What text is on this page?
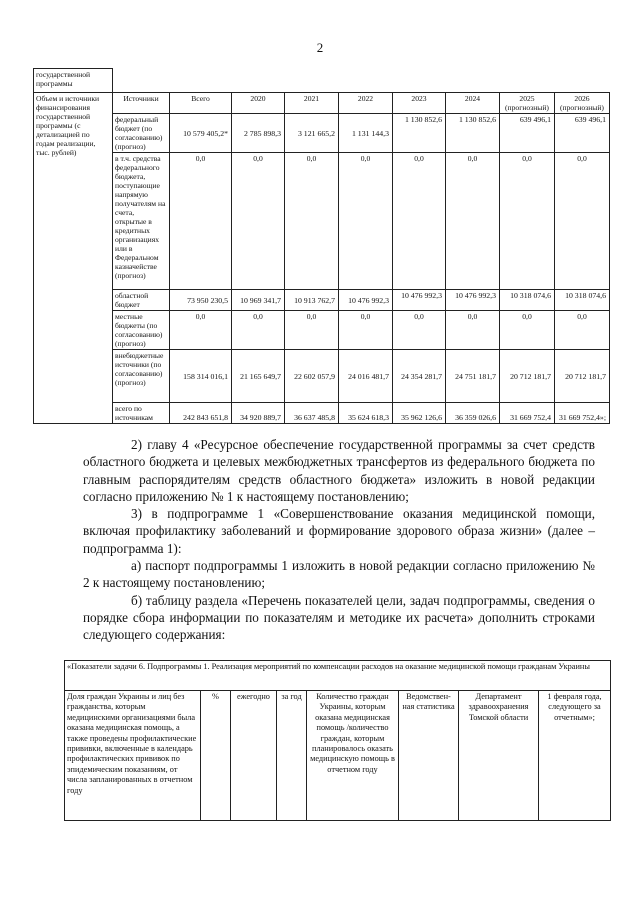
2
государственной программы									
Объем и источники финансирования государственной программы (с детализацией по годам реализации, тыс. рублей)	Источники	Всего	2020	2021	2022	2023	2024	2025 (прогнозный)	2026 (прогнозный)
	федеральный бюджет (по согласованию) (прогноз)	10 579 405,2*	2 785 898,3	3 121 665,2	1 131 144,3	1 130 852,6	1 130 852,6	639 496,1	639 496,1
	в т.ч. средства федерального бюджета, поступающие напрямую получателям на счета, открытые в кредитных организациях или в Федеральном казначействе (прогноз)	0,0	0,0	0,0	0,0	0,0	0,0	0,0	0,0
	областной бюджет	73 950 230,5	10 969 341,7	10 913 762,7	10 476 992,3	10 476 992,3	10 476 992,3	10 318 074,6	10 318 074,6
	местные бюджеты (по согласованию) (прогноз)	0,0	0,0	0,0	0,0	0,0	0,0	0,0	0,0
	внебюджетные источники (по согласованию) (прогноз)	158 314 016,1	21 165 649,7	22 602 057,9	24 016 481,7	24 354 281,7	24 751 181,7	20 712 181,7	20 712 181,7
	всего по источникам	242 843 651,8	34 920 889,7	36 637 485,8	35 624 618,3	35 962 126,6	36 359 026,6	31 669 752,4	31 669 752,4»;

2) главу 4 «Ресурсное обеспечение государственной программы за счет средств областного бюджета и целевых межбюджетных трансфертов из федерального бюджета по главным распорядителям средств областного бюджета» изложить в новой редакции согласно приложению № 1 к настоящему постановлению;

3) в подпрограмме 1 «Совершенствование оказания медицинской помощи, включая профилактику заболеваний и формирование здорового образа жизни» (далее – подпрограмма 1):

а) паспорт подпрограммы 1 изложить в новой редакции согласно приложению № 2 к настоящему постановлению;

б) таблицу раздела «Перечень показателей цели, задач подпрограммы, сведения о порядке сбора информации по показателям и методике их расчета» дополнить строками следующего содержания:

«Показатели задачи 6. Подпрограммы 1. Реализация мероприятий по компенсации расходов на оказание медицинской помощи гражданам Украины
Доля граждан Украины и лиц без гражданства, которым медицинскими организациями была оказана медицинская помощь, а также проведены профилактические прививки, включенные в календарь профилактических прививок по эпидемическим показаниям, от числа запланированных в отчетном году	%	ежегодно	за год	Количество граждан Украины, которым оказана медицинская помощь /количество граждан, которым планировалось оказать медицинскую помощь в отчетном году	Ведомствен-ная статистика	Департамент здравоохранения Томской области	1 февраля года, следующего за отчетным»;
